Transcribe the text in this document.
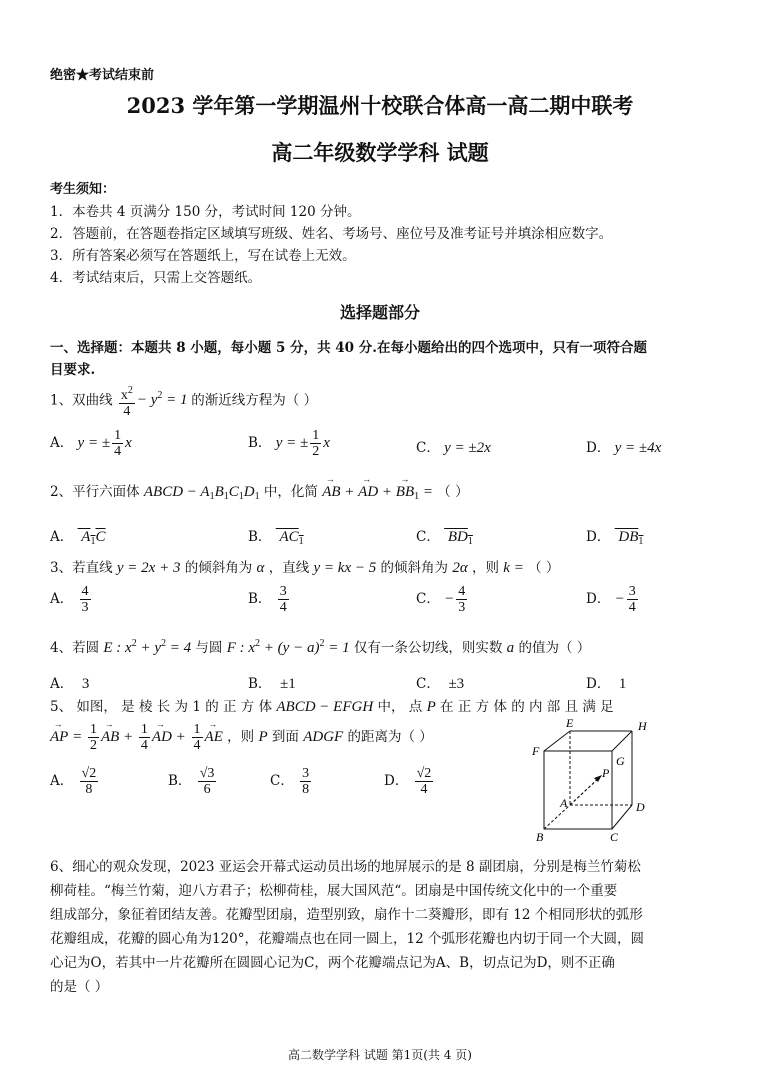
绝密★考试结束前
2023 学年第一学期温州十校联合体高一高二期中联考
高二年级数学学科 试题
考生须知：
1．本卷共 4 页满分 150 分，考试时间 120 分钟。
2．答题前，在答题卷指定区域填写班级、姓名、考场号、座位号及准考证号并填涂相应数字。
3．所有答案必须写在答题纸上，写在试卷上无效。
4．考试结束后，只需上交答题纸。
选择题部分
一、选择题：本题共 8 小题，每小题 5 分，共 40 分.在每小题给出的四个选项中，只有一项符合题
目要求.
1、双曲线 $\frac{x^2}{4} - y^2 = 1$ 的渐近线方程为（ ）
A． y = ± $\frac{1}{4}$ x	B． y = ± $\frac{1}{2}$ x	C． y = ±2x	D． y = ±4x
2、平行六面体 ABCD − $A_1B_1C_1D_1$ 中，化简 → AB + → AD + → $BB_1$ = （ ）
A．  $A_1C$	B．  $AC_1$	C．  $BD_1$	D．  $DB_1$
3、若直线 y = 2x + 3 的倾斜角为 α ，直线 y = kx − 5 的倾斜角为 2α ，则 k = （ ）
A． $\frac{4}{3}$	B． $\frac{3}{4}$	C． − $\frac{4}{3}$	D． − $\frac{3}{4}$
4、若圆 E : $x^2 + y^2 = 4$ 与圆 F : $x^2 + (y - a)^2 = 1$ 仅有一条公切线，则实数 a 的值为（ ）
A． 3	B． ±1	C． ±3	D． 1
5、 如图， 是 棱 长 为 1 的 正 方 体 ABCD − EFGH 中， 点 P 在 正 方 体 的 内 部 且 满 足
→ AP = $\frac{1}{2}$ → AB + $\frac{1}{4}$ → AD + $\frac{1}{4}$ → AE ，则 P 到面 ADGF 的距离为（ ）
A． $\frac{√2}{8}$	B． $\frac{√3}{6}$	C． $\frac{3}{8}$	D． $\frac{√2}{4}$
E	H
F
G
P
A	D
B	C
6、细心的观众发现，2023 亚运会开幕式运动员出场的地屏展示的是 8 副团扇，分别是梅兰竹菊松
柳荷桂。“梅兰竹菊，迎八方君子；松柳荷桂，展大国风范“。团扇是中国传统文化中的一个重要
组成部分，象征着团结友善。花瓣型团扇，造型别致，扇作十二葵瓣形，即有 12 个相同形状的弧形
花瓣组成，花瓣的圆心角为120°，花瓣端点也在同一圆上，12 个弧形花瓣也内切于同一个大圆，圆
心记为O，若其中一片花瓣所在圆圆心记为C，两个花瓣端点记为A、B，切点记为D，则不正确
的是（ ）
高二数学学科 试题 第1页(共 4 页)
